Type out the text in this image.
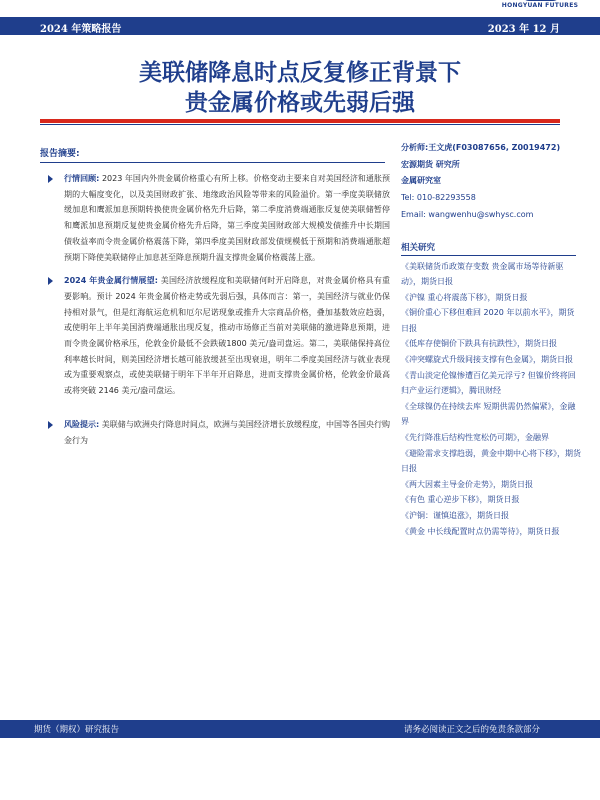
2024 年策略报告	2023 年 12 月
HONGYUAN FUTURES
美联储降息时点反复修正背景下
贵金属价格或先弱后强
报告摘要:
行情回顾: 2023 年国内外贵金属价格重心有所上移。价格变动主要来自对美国经济和通胀预期的大幅度变化，以及美国财政扩张、地缘政治风险等带来的风险溢价。第一季度美联储放缓加息和鹰派加息预期转换使贵金属价格先升后降，第二季度消费端通胀反复使美联储暂停和鹰派加息预期反复使贵金属价格先升后降，第三季度美国财政部大规模发债推升中长期国债收益率而令贵金属价格震荡下降，第四季度美国财政部发债规模低于预期和消费端通胀超预期下降使美联储停止加息甚至降息预期升温支撑贵金属价格震荡上涨。
2024 年贵金属行情展望: 美国经济放缓程度和美联储何时开启降息，对贵金属价格具有重要影响。预计 2024 年贵金属价格走势或先弱后强，具体而言：第一，美国经济与就业仍保持相对景气，但是红海航运危机和厄尔尼诺现象或推升大宗商品价格，叠加基数效应趋弱，或使明年上半年美国消费端通胀出现反复，推动市场修正当前对美联储的激进降息预期，进而令贵金属价格承压，伦敦金价最低不会跌破1800 美元/盎司盘运。第二，美联储保持高位利率越长时间，则美国经济增长越可能放缓甚至出现衰退，明年二季度美国经济与就业表现或为重要观察点，或使美联储于明年下半年开启降息，进而支撑贵金属价格，伦敦金价最高或将突破 2146 美元/盎司盘运。
风险提示: 美联储与欧洲央行降息时间点，欧洲与美国经济增长放缓程度，中国等各国央行购金行为
分析师:王文虎(F03087656, Z0019472)
宏源期货 研究所
金属研究室
Tel: 010-82293558
Email: wangwenhu@swhysc.com
相关研究
《美联储货币政策存变数 贵金属市场等待新驱动》，期货日报
《沪镍 重心将震荡下移》，期货日报
《铜价重心下移但难回 2020 年以前水平》，期货日报
《低库存使铜价下跌具有抗跌性》，期货日报
《冲突螺旋式升级间接支撑有色金属》，期货日报
《青山淡定伦镍惨遭百亿美元浮亏? 但镍价终将回归产业运行逻辑》，腾讯财经
《全球镍仍在持续去库 短期供需仍然偏紧》，金融界
《先行降准后结构性宽松仍可期》，金融界
《避险需求支撑趋弱，黄金中期中心将下移》，期货日报
《两大因素主导金价走势》，期货日报
《有色 重心逆步下移》，期货日报
《沪铜：谨慎追涨》，期货日报
《黄金 中长线配置时点仍需等待》，期货日报
期货（期权）研究报告	请务必阅读正文之后的免责条款部分
